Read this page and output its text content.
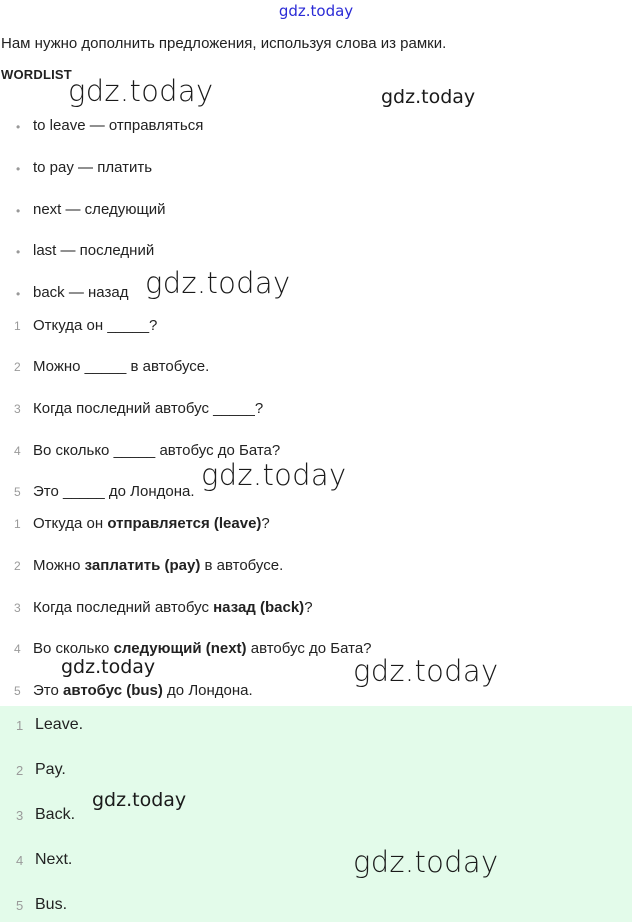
gdz.today
Нам нужно дополнить предложения, используя слова из рамки.
WORDLIST
• to leave — отправляться
• to pay — платить
• next — следующий
• last — последний
• back — назад
1 Откуда он _____?
2 Можно _____ в автобусе.
3 Когда последний автобус _____?
4 Во сколько _____ автобус до Бата?
5 Это _____ до Лондона.
1 Откуда он отправляется (leave)?
2 Можно заплатить (pay) в автобусе.
3 Когда последний автобус назад (back)?
4 Во сколько следующий (next) автобус до Бата?
5 Это автобус (bus) до Лондона.
1 Leave.
2 Pay.
3 Back.
4 Next.
5 Bus.
gdz.today	gdz.today
gdz.today
gdz.today
gdz.today	gdz.today
gdz.today
gdz.today
